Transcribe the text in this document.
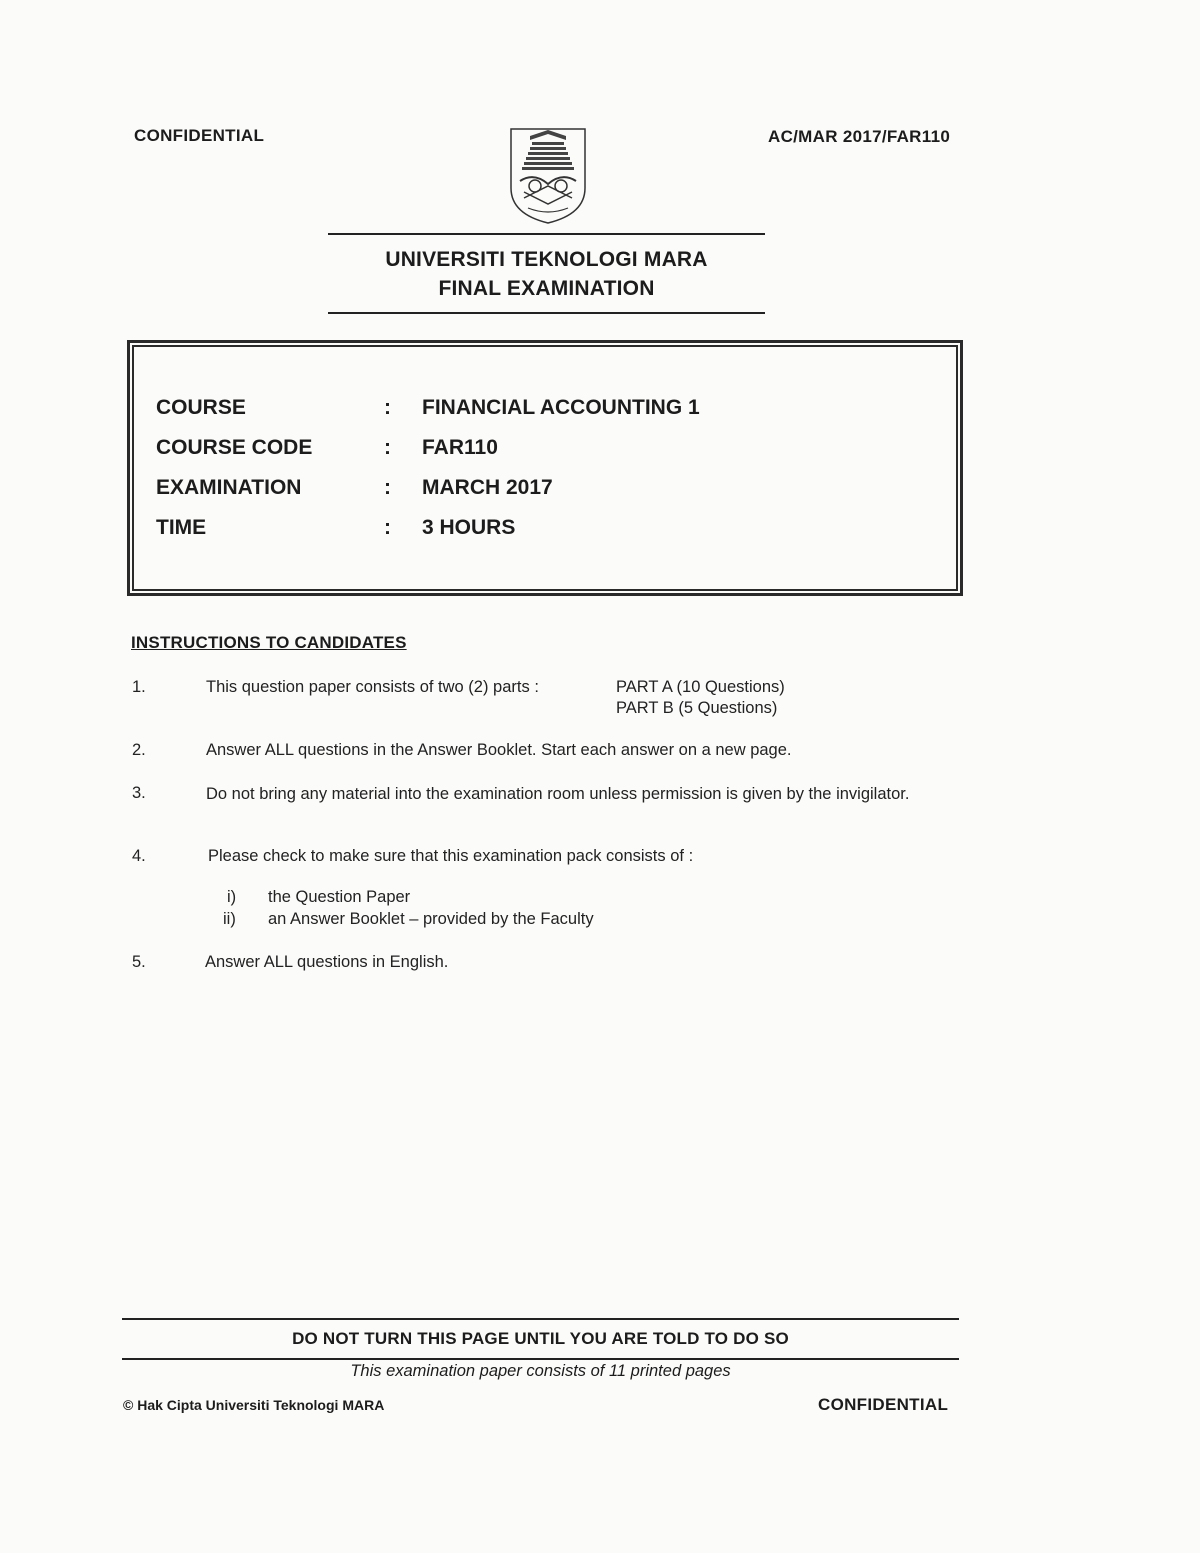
CONFIDENTIAL	AC/MAR 2017/FAR110
UNIVERSITI TEKNOLOGI MARA
FINAL EXAMINATION
COURSE	: FINANCIAL ACCOUNTING 1
COURSE CODE	: FAR110
EXAMINATION	: MARCH 2017
TIME	: 3 HOURS
INSTRUCTIONS TO CANDIDATES
1.	This question paper consists of two (2) parts :	PART A (10 Questions)
PART B (5 Questions)
2.	Answer ALL questions in the Answer Booklet. Start each answer on a new page.
3.	Do not bring any material into the examination room unless permission is given by the invigilator.
4.	Please check to make sure that this examination pack consists of :
i) the Question Paper
ii) an Answer Booklet – provided by the Faculty
5.	Answer ALL questions in English.
DO NOT TURN THIS PAGE UNTIL YOU ARE TOLD TO DO SO
This examination paper consists of 11 printed pages
© Hak Cipta Universiti Teknologi MARA	CONFIDENTIAL
